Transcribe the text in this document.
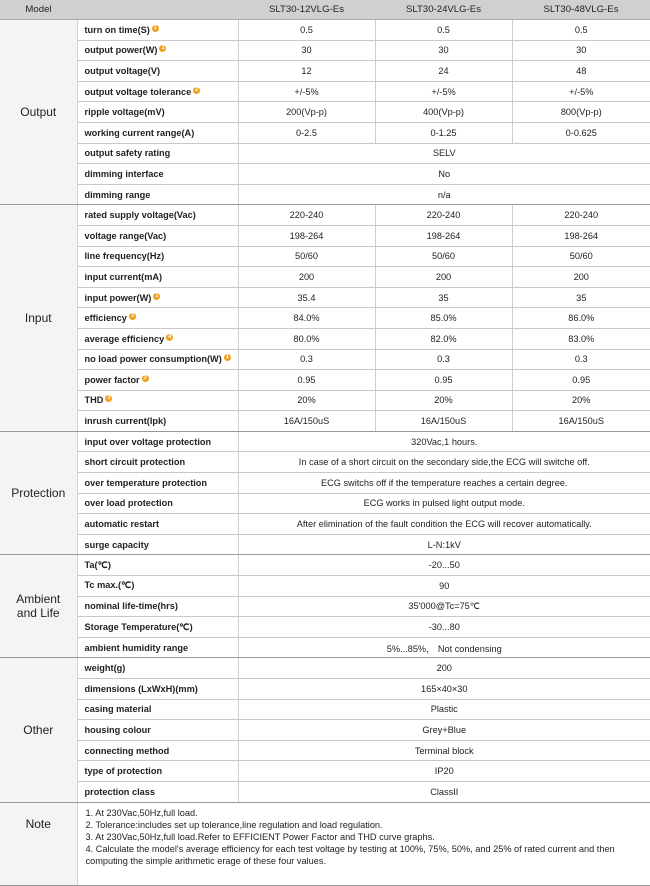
Model		SLT30-12VLG-Es	SLT30-24VLG-Es	SLT30-48VLG-Es
Output	turn on time(S) 1	0.5	0.5	0.5
	output power(W) 1	30	30	30
	output voltage(V)	12	24	48
	output voltage tolerance 2	+/-5%	+/-5%	+/-5%
	ripple voltage(mV)	200(Vp-p)	400(Vp-p)	800(Vp-p)
	working current range(A)	0-2.5	0-1.25	0-0.625
	output safety rating	SELV		
	dimming interface	No		
	dimming range	n/a		
Input	rated supply voltage(Vac)	220-240	220-240	220-240
	voltage range(Vac)	198-264	198-264	198-264
	line frequency(Hz)	50/60	50/60	50/60
	input current(mA)	200	200	200
	input power(W) 1	35.4	35	35
	efficiency 3	84.0%	85.0%	86.0%
	average efficiency 4	80.0%	82.0%	83.0%
	no load power consumption(W) 1	0.3	0.3	0.3
	power factor 3	0.95	0.95	0.95
	THD 3	20%	20%	20%
	inrush current(Ipk)	16A/150uS	16A/150uS	16A/150uS
Protection	input over voltage protection	320Vac,1 hours.		
	short circuit protection	In case of a short circuit on the secondary side,the ECG will switche off.		
	over temperature protection	ECG switchs off if the temperature reaches a certain degree.		
	over load protection	ECG works in pulsed light output mode.		
	automatic restart	After elimination of the fault condition the ECG will recover automatically.		
	surge capacity	L-N:1kV		

Ambient
and Life	Ta(℃)	-20...50		
	Tc max.(℃)	90		
	nominal life-time(hrs)	35'000@Tc=75℃		
	Storage Temperature(℃)	-30...80		
	ambient humidity range	5%...85%， Not condensing		
Other	weight(g)	200		
	dimensions (LxWxH)(mm)	165×40×30		
	casing material	Plastic		
	housing colour	Grey+Blue		
	connecting method	Terminal block		
	type of protection	IP20		
	protection class	ClassII		
Note	1. At 230Vac,50Hz,full load.
2. Tolerance:includes set up tolerance,line regulation and load regulation.
3. At 230Vac,50Hz,full load.Refer to EFFICIENT Power Factor and THD curve graphs.
4. Calculate the model's average efficiency for each test voltage by testing at 100%, 75%, 50%, and 25% of rated current and then computing the simple arithmetic erage of these four values.			
